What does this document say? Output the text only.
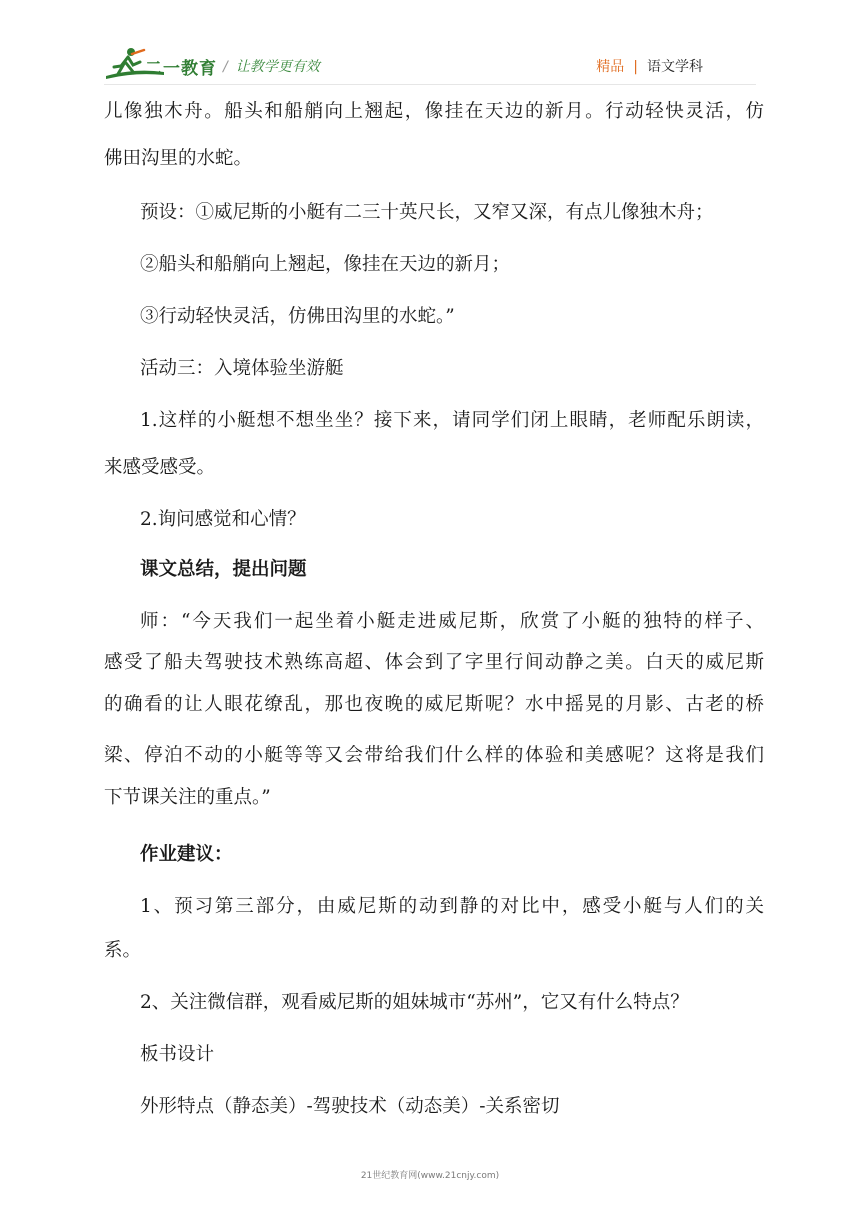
二一教育 / 让教学更有效	精品 | 语文学科
儿像独木舟。船头和船艄向上翘起，像挂在天边的新月。行动轻快灵活，仿
佛田沟里的水蛇。
预设：①威尼斯的小艇有二三十英尺长，又窄又深，有点儿像独木舟；
②船头和船艄向上翘起，像挂在天边的新月；
③行动轻快灵活，仿佛田沟里的水蛇。”
活动三：入境体验坐游艇
1.这样的小艇想不想坐坐？接下来，请同学们闭上眼睛，老师配乐朗读，
来感受感受。
2.询问感觉和心情？
课文总结，提出问题
师：“今天我们一起坐着小艇走进威尼斯，欣赏了小艇的独特的样子、
感受了船夫驾驶技术熟练高超、体会到了字里行间动静之美。白天的威尼斯
的确看的让人眼花缭乱，那也夜晚的威尼斯呢？水中摇晃的月影、古老的桥
梁、停泊不动的小艇等等又会带给我们什么样的体验和美感呢？这将是我们
下节课关注的重点。”
作业建议：
1、预习第三部分，由威尼斯的动到静的对比中，感受小艇与人们的关
系。
2、关注微信群，观看威尼斯的姐妹城市“苏州”，它又有什么特点？
板书设计
外形特点（静态美）-驾驶技术（动态美）-关系密切
21世纪教育网(www.21cnjy.com)
